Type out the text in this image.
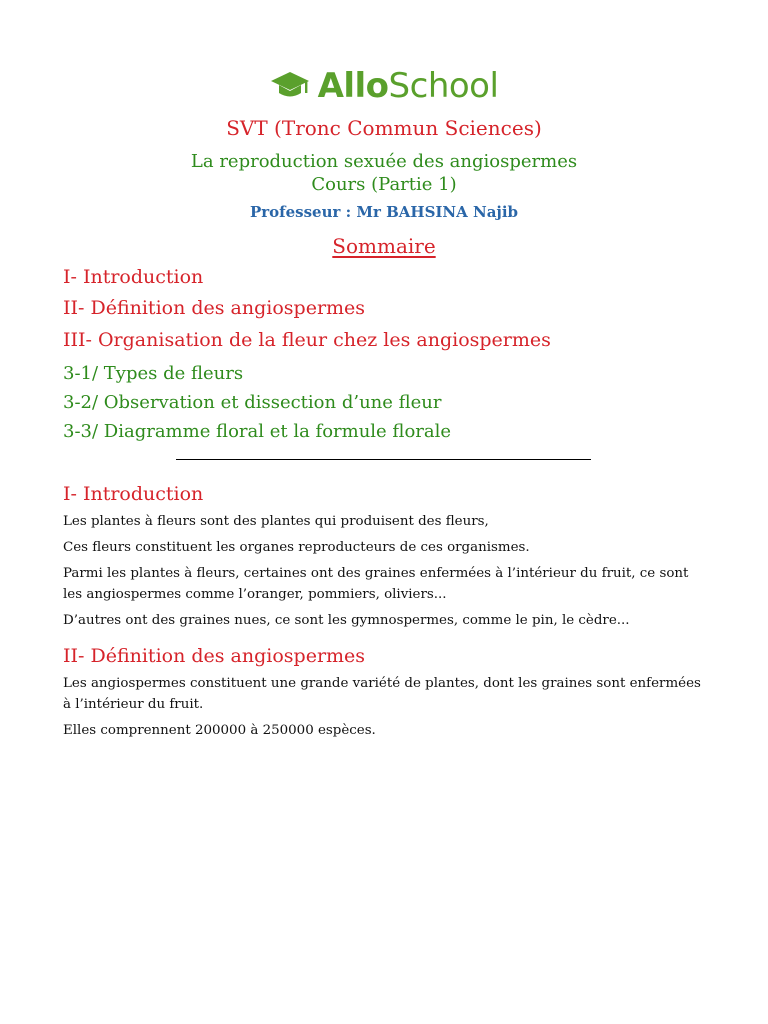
AlloSchool
SVT (Tronc Commun Sciences)
La reproduction sexuée des angiospermes
Cours (Partie 1)
Professeur : Mr BAHSINA Najib
Sommaire
I- Introduction
II- Définition des angiospermes
III- Organisation de la fleur chez les angiospermes
3-1/ Types de fleurs
3-2/ Observation et dissection d’une fleur
3-3/ Diagramme floral et la formule florale
I- Introduction
Les plantes à fleurs sont des plantes qui produisent des fleurs,
Ces fleurs constituent les organes reproducteurs de ces organismes.
Parmi les plantes à fleurs, certaines ont des graines enfermées à l’intérieur du fruit, ce sont
les angiospermes comme l’oranger, pommiers, oliviers...
D’autres ont des graines nues, ce sont les gymnospermes, comme le pin, le cèdre...
II- Définition des angiospermes
Les angiospermes constituent une grande variété de plantes, dont les graines sont enfermées
à l’intérieur du fruit.
Elles comprennent 200000 à 250000 espèces.
